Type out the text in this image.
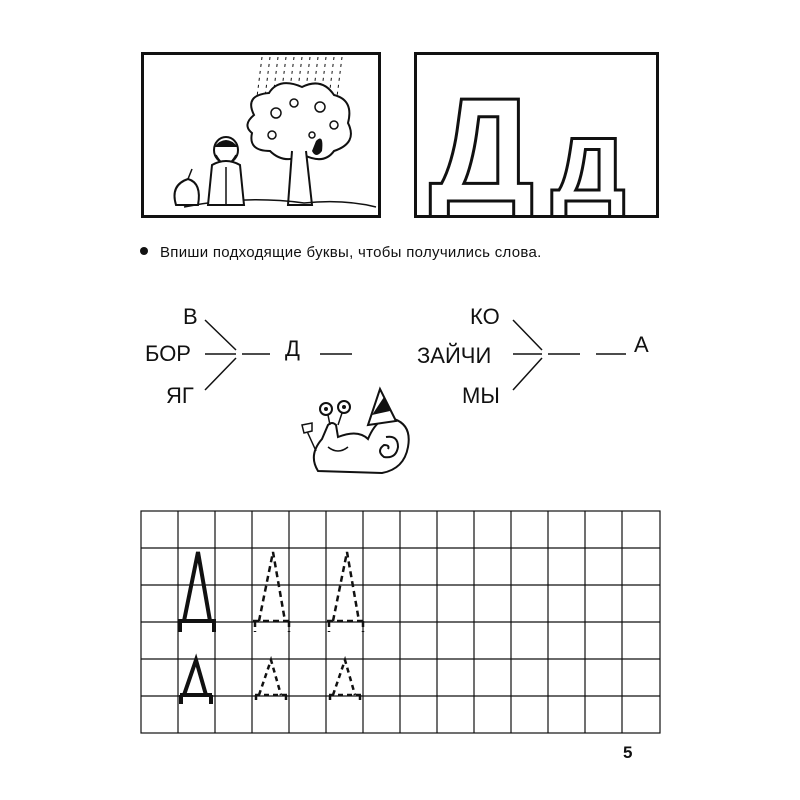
Д д
Впиши подходящие буквы, чтобы получились слова.
В
БОР
ЯГ
Д
КО
ЗАЙЧИ
МЫ
А
5
